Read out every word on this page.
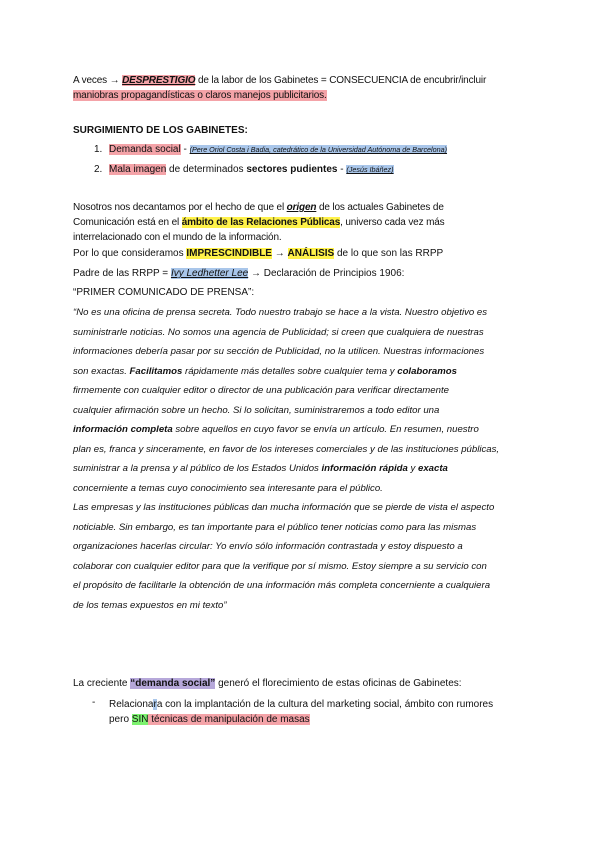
A veces → DESPRESTIGIO de la labor de los Gabinetes = CONSECUENCIA de encubrir/incluir
maniobras propagandísticas o claros manejos publicitarios.
SURGIMIENTO DE LOS GABINETES:
1. Demanda social - (Pere Oriol Costa i Badia, catedrático de la Universidad Autónoma de Barcelona)
2. Mala imagen de determinados sectores pudientes - (Jesús Ibáñez)
Nosotros nos decantamos por el hecho de que el origen de los actuales Gabinetes de
Comunicación está en el ámbito de las Relaciones Públicas, universo cada vez más
interrelacionado con el mundo de la información.
Por lo que consideramos IMPRESCINDIBLE → ANÁLISIS de lo que son las RRPP
Padre de las RRPP = Ivy Ledhetter Lee → Declaración de Principios 1906:
“PRIMER COMUNICADO DE PRENSA”:
“No es una oficina de prensa secreta. Todo nuestro trabajo se hace a la vista. Nuestro objetivo es
suministrarle noticias. No somos una agencia de Publicidad; si creen que cualquiera de nuestras
informaciones debería pasar por su sección de Publicidad, no la utilicen. Nuestras informaciones
son exactas. Facilitamos rápidamente más detalles sobre cualquier tema y colaboramos
firmemente con cualquier editor o director de una publicación para verificar directamente
cualquier afirmación sobre un hecho. Si lo solicitan, suministraremos a todo editor una
información completa sobre aquellos en cuyo favor se envía un artículo. En resumen, nuestro
plan es, franca y sinceramente, en favor de los intereses comerciales y de las instituciones públicas,
suministrar a la prensa y al público de los Estados Unidos información rápida y exacta
concerniente a temas cuyo conocimiento sea interesante para el público.
Las empresas y las instituciones públicas dan mucha información que se pierde de vista el aspecto
noticiable. Sin embargo, es tan importante para el público tener noticias como para las mismas
organizaciones hacerlas circular: Yo envío sólo información contrastada y estoy dispuesto a
colaborar con cualquier editor para que la verifique por sí mismo. Estoy siempre a su servicio con
el propósito de facilitarle la obtención de una información más completa concerniente a cualquiera
de los temas expuestos en mi texto”
La creciente “demanda social” generó el florecimiento de estas oficinas de Gabinetes:
- Relacionara con la implantación de la cultura del marketing social, ámbito con rumores
pero SIN técnicas de manipulación de masas
